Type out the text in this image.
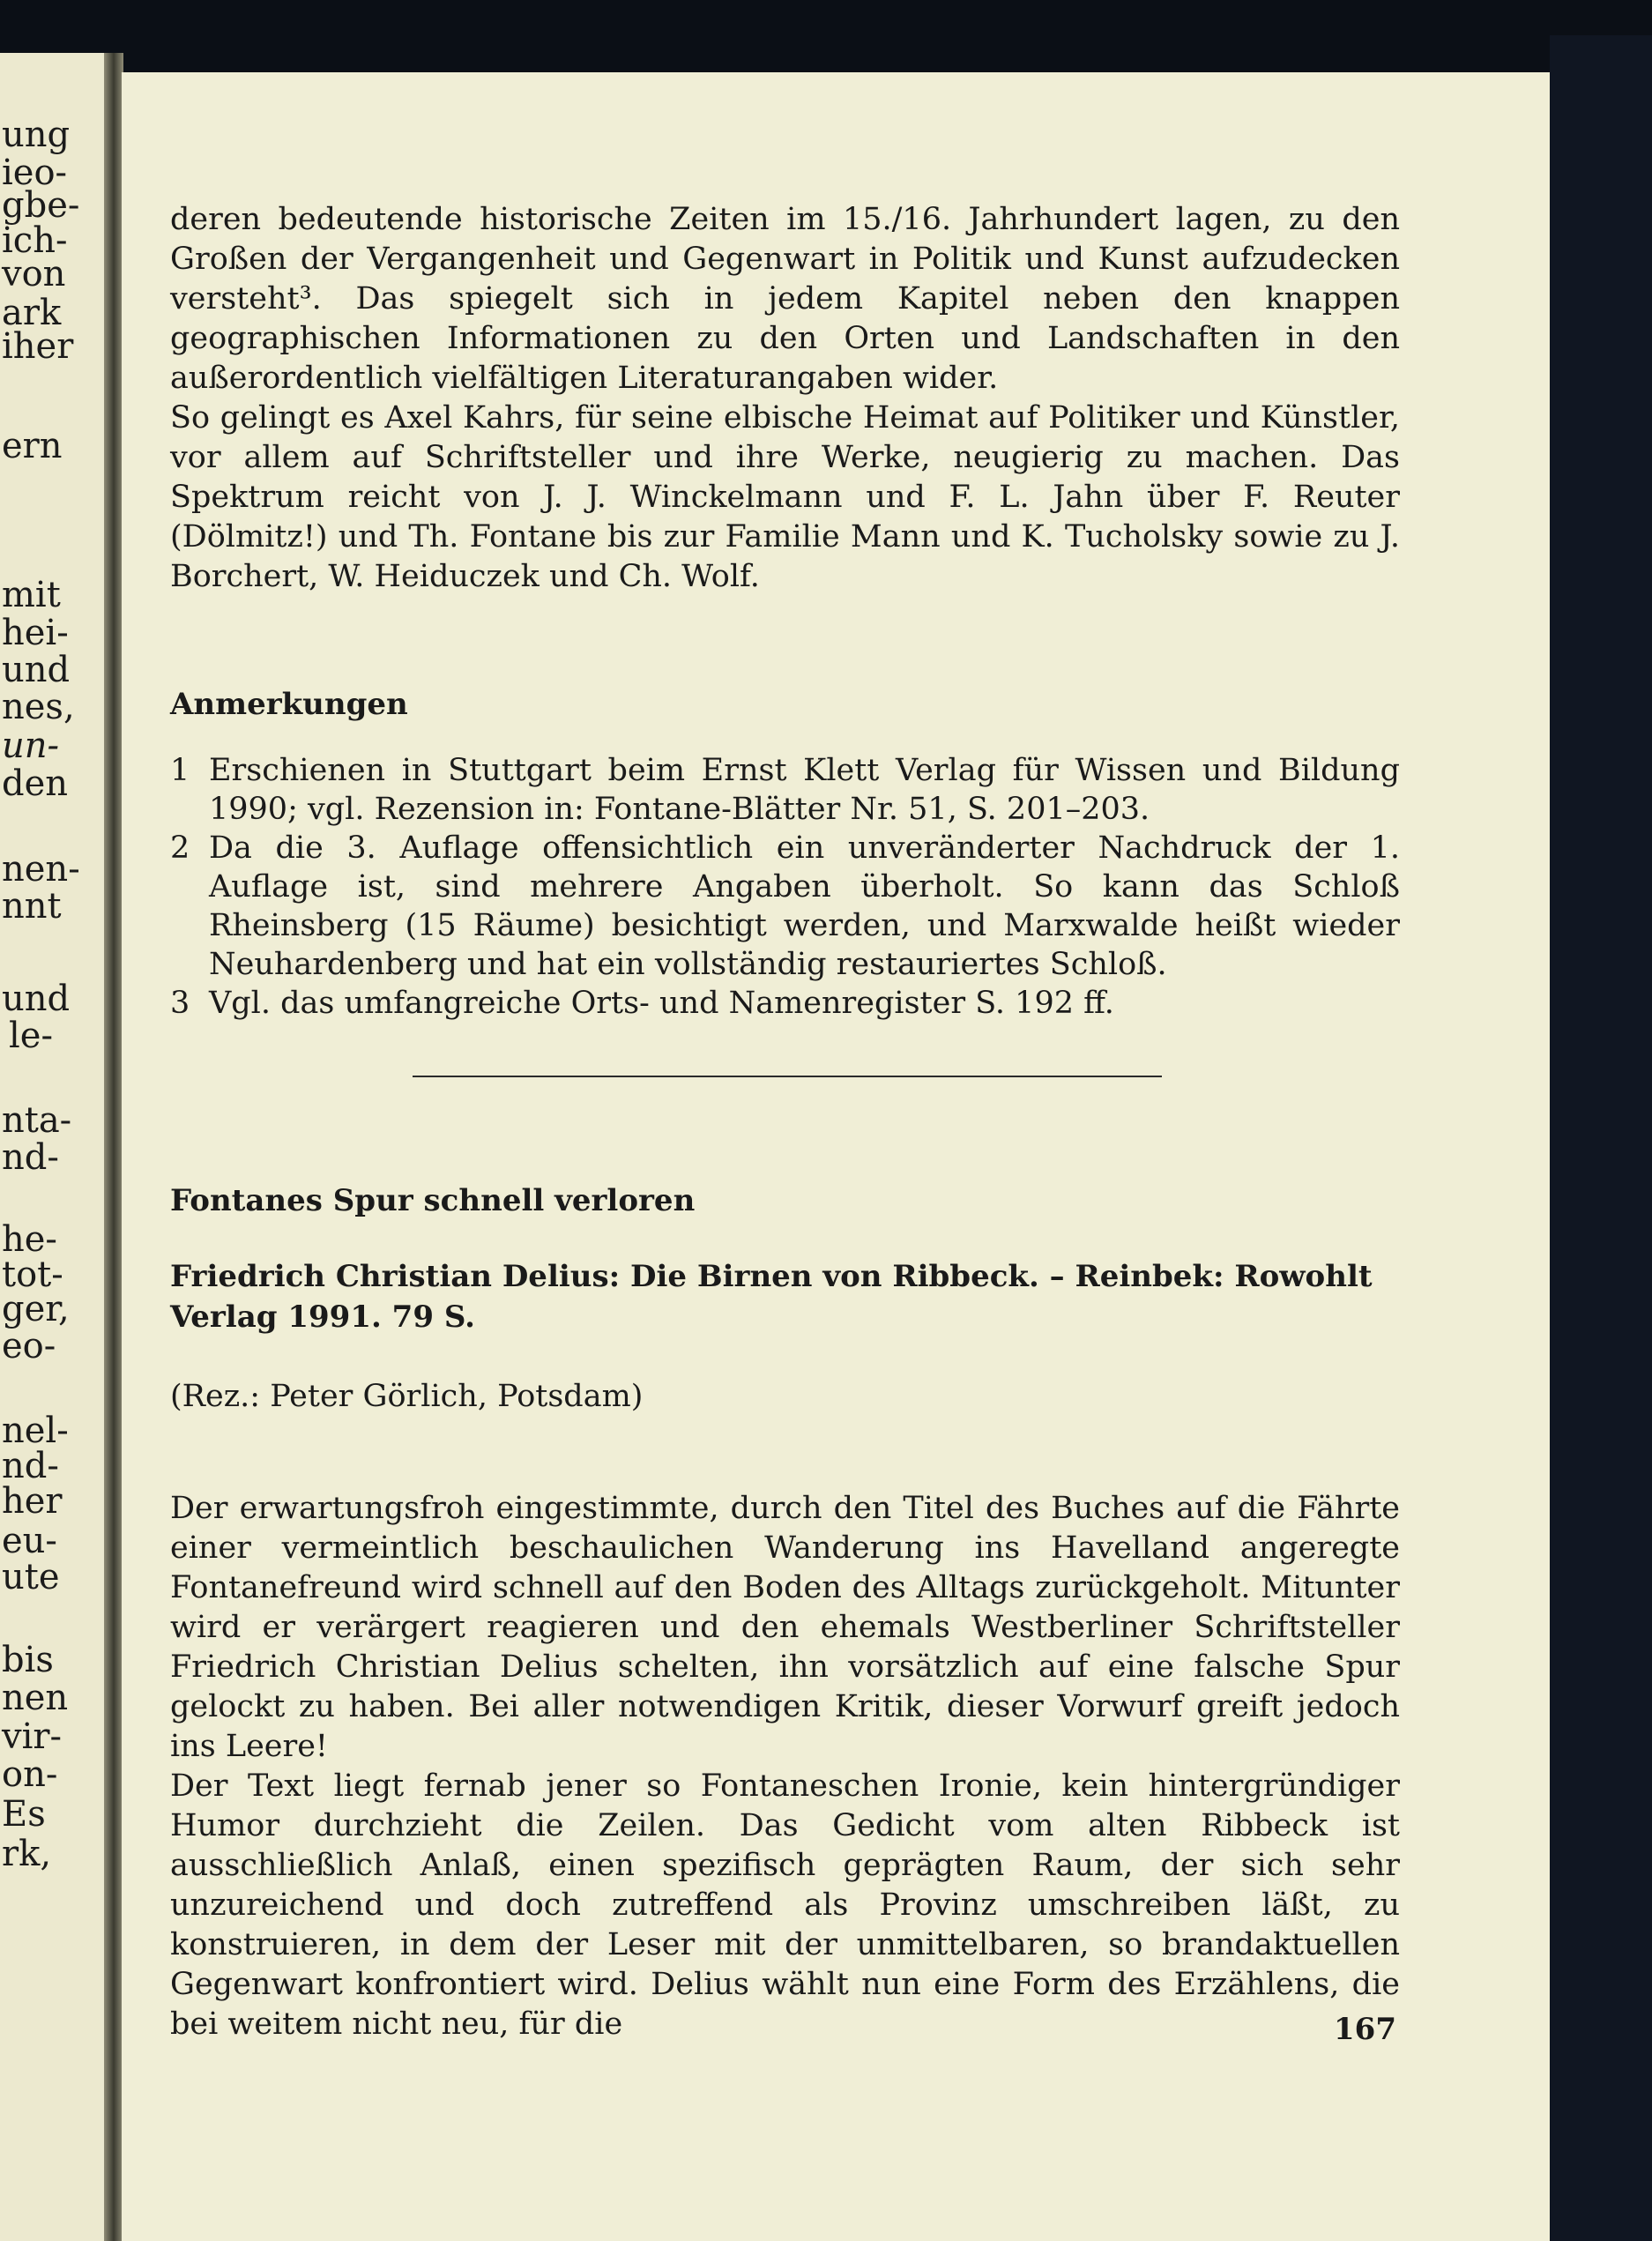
ung
ieo-
gbe-
ich-
von
ark
iher
ern
mit
hei-
und
nes,
un-
den
nen-
nnt
und
le-
nta-
nd-
he-
tot-
ger,
eo-
nel-
nd-
her
eu-
ute
bis
nen
vir-
on-
Es
rk,

deren bedeutende historische Zeiten im 15./16. Jahrhundert lagen, zu den Großen der Vergangenheit und Gegenwart in Politik und Kunst aufzudecken versteht³. Das spiegelt sich in jedem Kapitel neben den knappen geographischen Informationen zu den Orten und Landschaften in den außerordentlich vielfältigen Literaturangaben wider.

So gelingt es Axel Kahrs, für seine elbische Heimat auf Politiker und Künstler, vor allem auf Schriftsteller und ihre Werke, neugierig zu machen. Das Spektrum reicht von J. J. Winckelmann und F. L. Jahn über F. Reuter (Dölmitz!) und Th. Fontane bis zur Familie Mann und K. Tucholsky sowie zu J. Borchert, W. Heiduczek und Ch. Wolf.

Anmerkungen

1 Erschienen in Stuttgart beim Ernst Klett Verlag für Wissen und Bildung 1990; vgl. Rezension in: Fontane-Blätter Nr. 51, S. 201–203.
2 Da die 3. Auflage offensichtlich ein unveränderter Nachdruck der 1. Auflage ist, sind mehrere Angaben überholt. So kann das Schloß Rheinsberg (15 Räume) besichtigt werden, und Marxwalde heißt wieder Neuhardenberg und hat ein vollständig restauriertes Schloß.
3 Vgl. das umfangreiche Orts- und Namenregister S. 192 ff.

Fontanes Spur schnell verloren

Friedrich Christian Delius: Die Birnen von Ribbeck. – Reinbek: Rowohlt Verlag 1991. 79 S.

(Rez.: Peter Görlich, Potsdam)

Der erwartungsfroh eingestimmte, durch den Titel des Buches auf die Fährte einer vermeintlich beschaulichen Wanderung ins Havelland angeregte Fontanefreund wird schnell auf den Boden des Alltags zurückgeholt. Mitunter wird er verärgert reagieren und den ehemals Westberliner Schriftsteller Friedrich Christian Delius schelten, ihn vorsätzlich auf eine falsche Spur gelockt zu haben. Bei aller notwendigen Kritik, dieser Vorwurf greift jedoch ins Leere!

Der Text liegt fernab jener so Fontaneschen Ironie, kein hintergründiger Humor durchzieht die Zeilen. Das Gedicht vom alten Ribbeck ist ausschließlich Anlaß, einen spezifisch geprägten Raum, der sich sehr unzureichend und doch zutreffend als Provinz umschreiben läßt, zu konstruieren, in dem der Leser mit der unmittelbaren, so brandaktuellen Gegenwart konfrontiert wird. Delius wählt nun eine Form des Erzählens, die bei weitem nicht neu, für die	167
